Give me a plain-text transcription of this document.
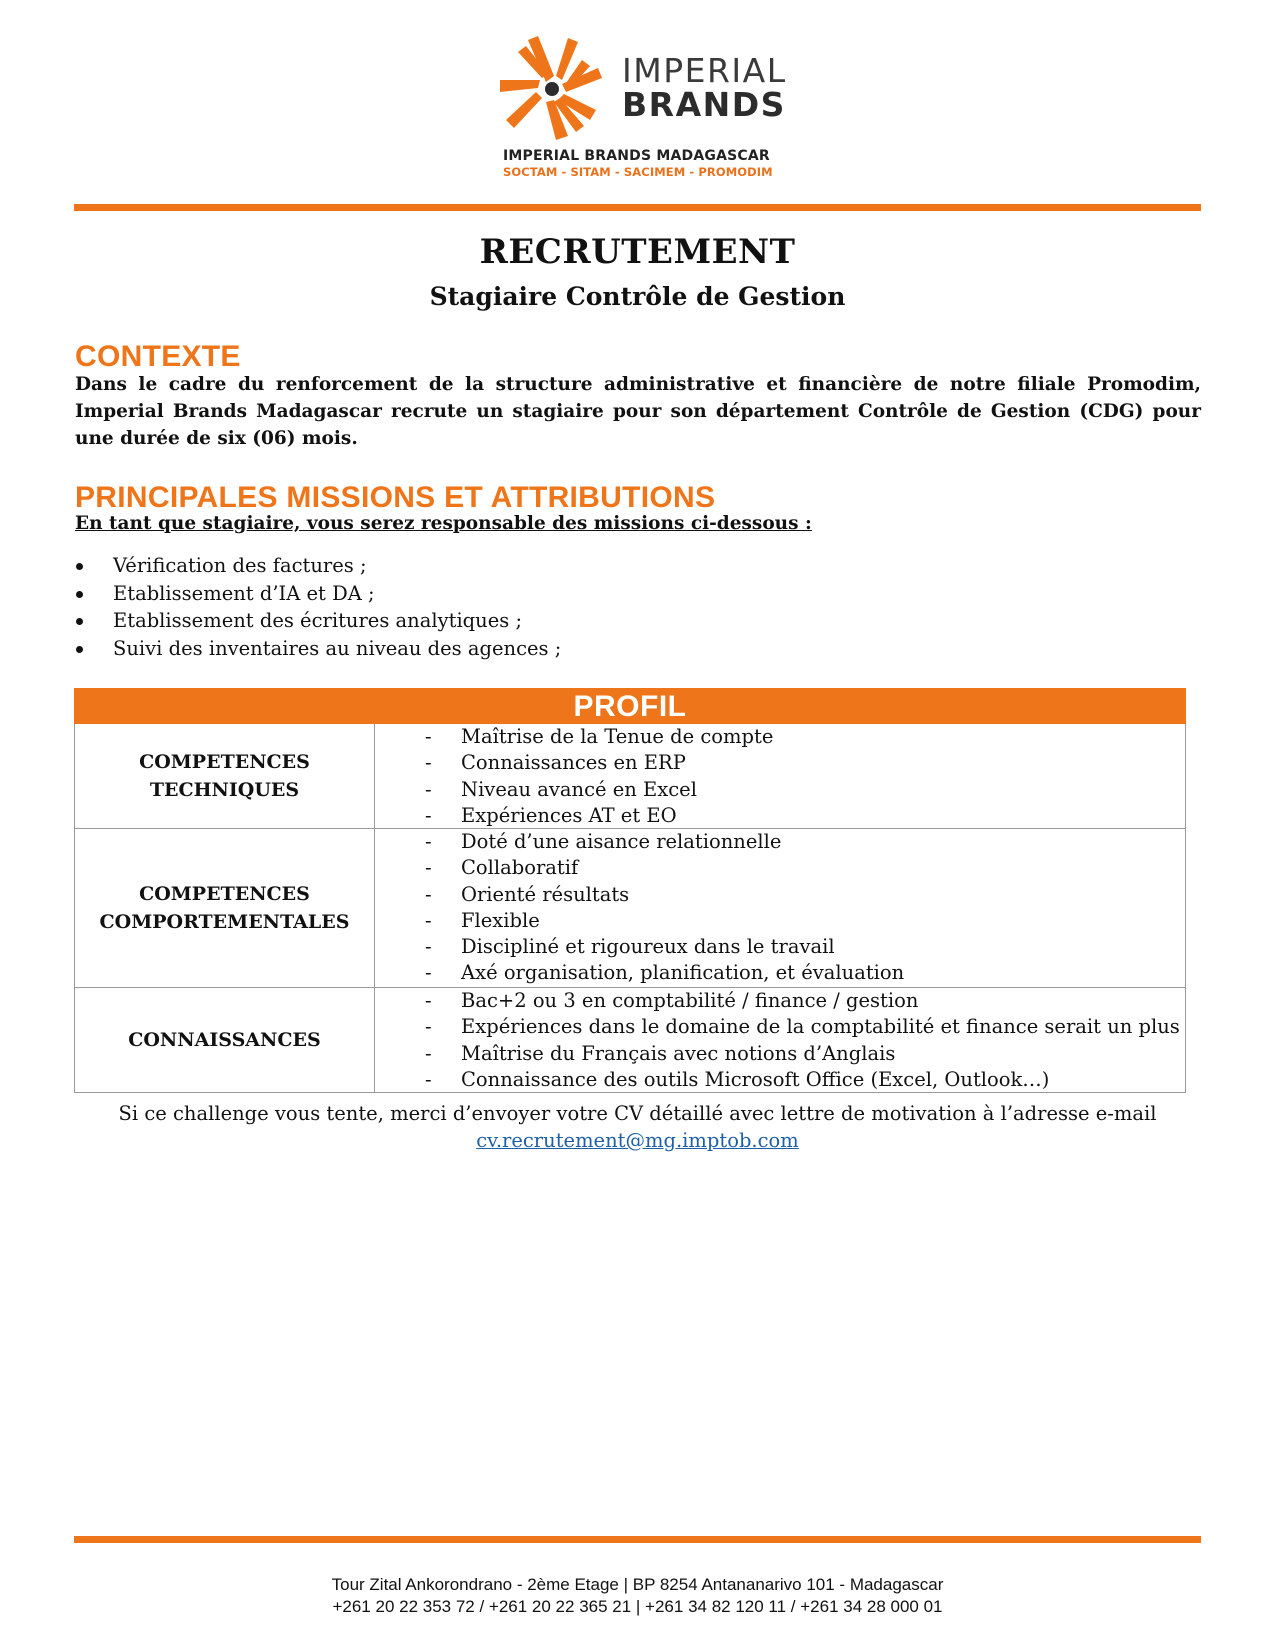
IMPERIAL
BRANDS
IMPERIAL BRANDS MADAGASCAR
SOCTAM - SITAM - SACIMEM - PROMODIM
RECRUTEMENT
Stagiaire Contrôle de Gestion
CONTEXTE
Dans le cadre du renforcement de la structure administrative et financière de notre filiale Promodim, Imperial Brands Madagascar recrute un stagiaire pour son département Contrôle de Gestion (CDG) pour une durée de six (06) mois.
PRINCIPALES MISSIONS ET ATTRIBUTIONS
En tant que stagiaire, vous serez responsable des missions ci-dessous :
Vérification des factures ;
Etablissement d’IA et DA ;
Etablissement des écritures analytiques ;
Suivi des inventaires au niveau des agences ;
PROFIL
COMPETENCES
TECHNIQUES
- Maîtrise de la Tenue de compte
- Connaissances en ERP
- Niveau avancé en Excel
- Expériences AT et EO
COMPETENCES
COMPORTEMENTALES
- Doté d’une aisance relationnelle
- Collaboratif
- Orienté résultats
- Flexible
- Discipliné et rigoureux dans le travail
- Axé organisation, planification, et évaluation
CONNAISSANCES
- Bac+2 ou 3 en comptabilité / finance / gestion
- Expériences dans le domaine de la comptabilité et finance serait un plus
- Maîtrise du Français avec notions d’Anglais
- Connaissance des outils Microsoft Office (Excel, Outlook…)
Si ce challenge vous tente, merci d’envoyer votre CV détaillé avec lettre de motivation à l’adresse e-mail
cv.recrutement@mg.imptob.com
Tour Zital Ankorondrano - 2ème Etage | BP 8254 Antananarivo 101 - Madagascar
+261 20 22 353 72 / +261 20 22 365 21 | +261 34 82 120 11 / +261 34 28 000 01
